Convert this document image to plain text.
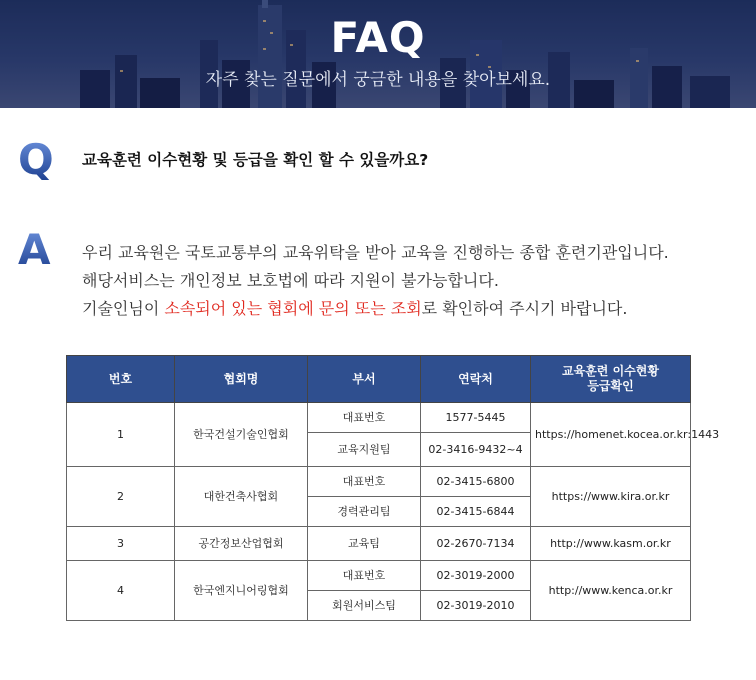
FAQ
자주 찾는 질문에서 궁금한 내용을 찾아보세요.
Q 교육훈련 이수현황 및 등급을 확인 할 수 있을까요?
A 우리 교육원은 국토교통부의 교육위탁을 받아 교육을 진행하는 종합 훈련기관입니다.
해당서비스는 개인정보 보호법에 따라 지원이 불가능합니다.
기술인님이 소속되어 있는 협회에 문의 또는 조회로 확인하여 주시기 바랍니다.
번호	협회명	부서	연락처	교육훈련 이수현황
등급확인
1	한국건설기술인협회	대표번호	1577-5445	https://homenet.kocea.or.kr:1443
		교육지원팀	02-3416-9432~4	
2	대한건축사협회	대표번호	02-3415-6800	https://www.kira.or.kr
		경력관리팀	02-3415-6844	
3	공간정보산업협회	교육팀	02-2670-7134	http://www.kasm.or.kr
4	한국엔지니어링협회	대표번호	02-3019-2000	http://www.kenca.or.kr
		회원서비스팀	02-3019-2010	
